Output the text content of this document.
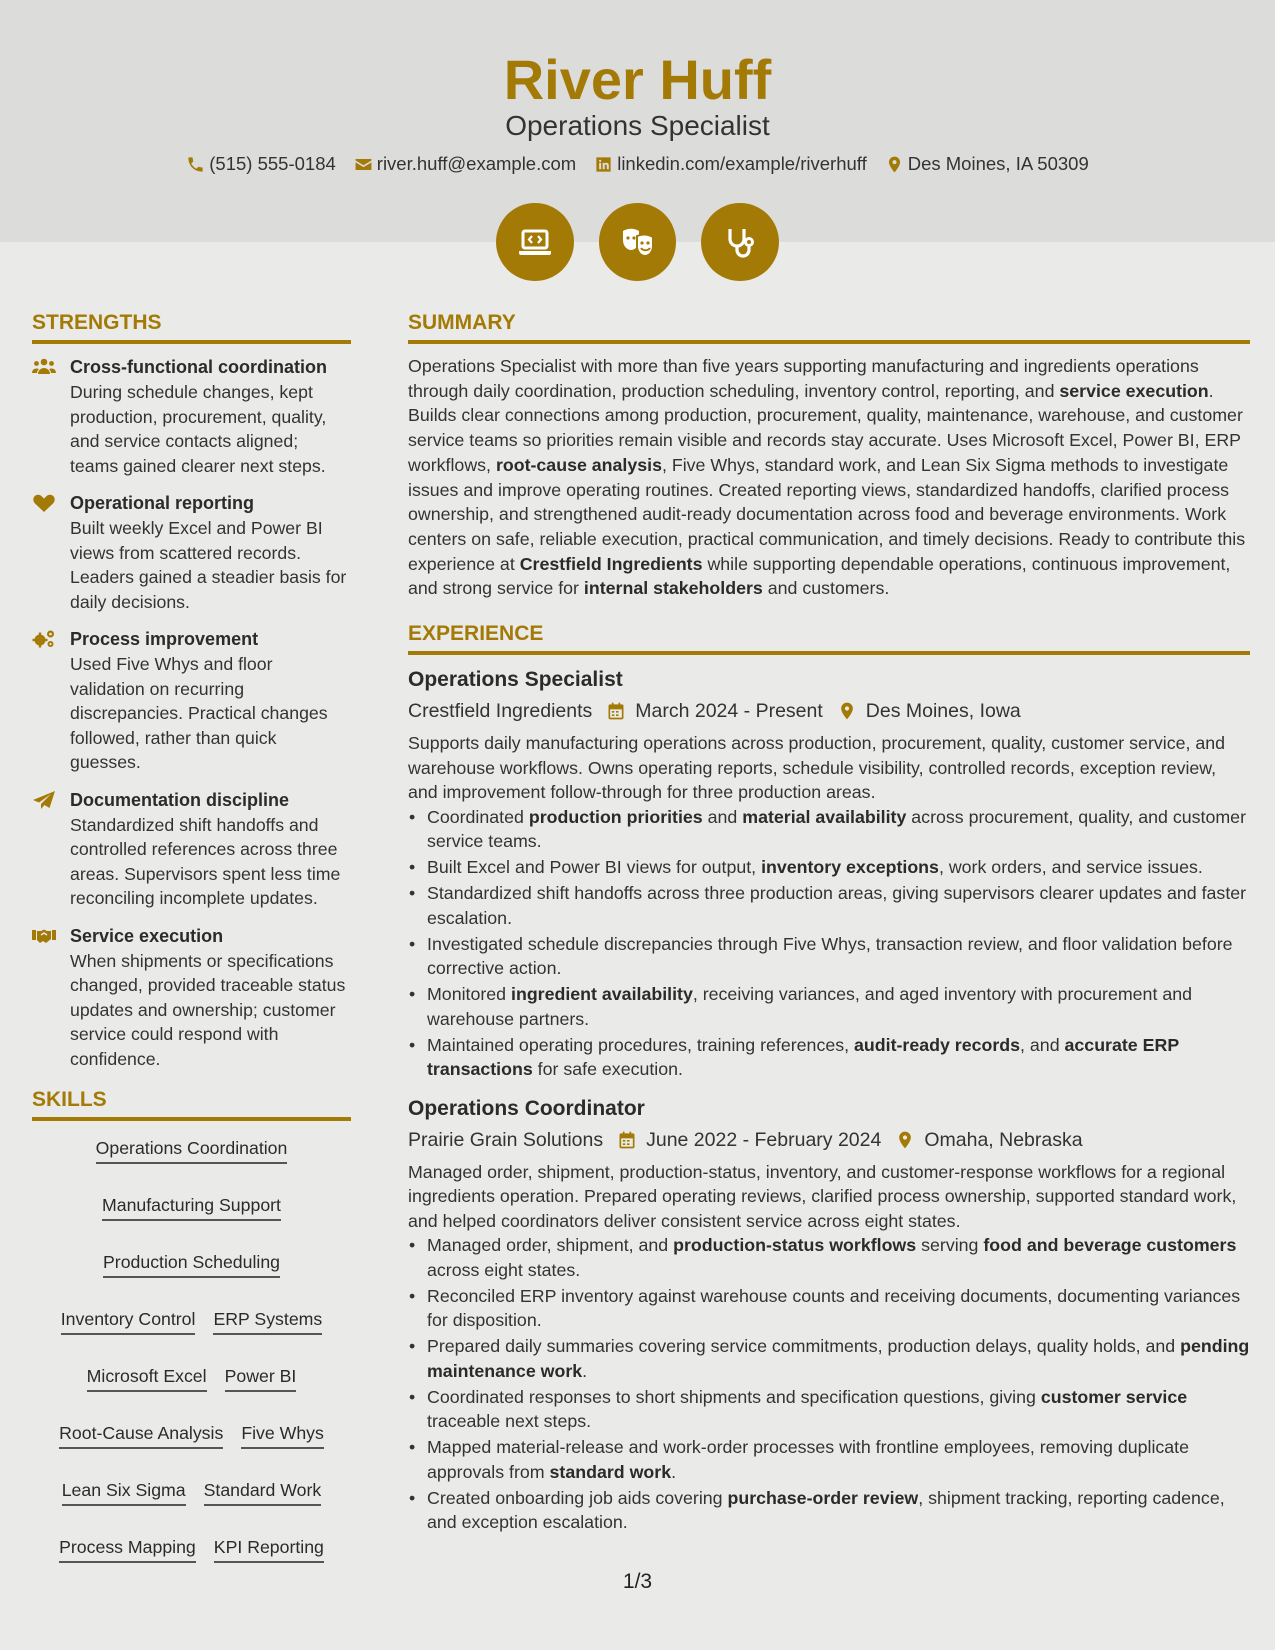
River Huff
Operations Specialist
(515) 555-0184 river.huff@example.com linkedin.com/example/riverhuff Des Moines, IA 50309
STRENGTHS
Cross-functional coordination
During schedule changes, kept production, procurement, quality, and service contacts aligned; teams gained clearer next steps.
Operational reporting
Built weekly Excel and Power BI views from scattered records. Leaders gained a steadier basis for daily decisions.
Process improvement
Used Five Whys and floor validation on recurring discrepancies. Practical changes followed, rather than quick guesses.
Documentation discipline
Standardized shift handoffs and controlled references across three areas. Supervisors spent less time reconciling incomplete updates.
Service execution
When shipments or specifications changed, provided traceable status updates and ownership; customer service could respond with confidence.
SKILLS
Operations Coordination
Manufacturing Support
Production Scheduling
Inventory Control ERP Systems
Microsoft Excel Power BI
Root-Cause Analysis Five Whys
Lean Six Sigma Standard Work
Process Mapping KPI Reporting
SUMMARY
Operations Specialist with more than five years supporting manufacturing and ingredients operations through daily coordination, production scheduling, inventory control, reporting, and service execution. Builds clear connections among production, procurement, quality, maintenance, warehouse, and customer service teams so priorities remain visible and records stay accurate. Uses Microsoft Excel, Power BI, ERP workflows, root-cause analysis, Five Whys, standard work, and Lean Six Sigma methods to investigate issues and improve operating routines. Created reporting views, standardized handoffs, clarified process ownership, and strengthened audit-ready documentation across food and beverage environments. Work centers on safe, reliable execution, practical communication, and timely decisions. Ready to contribute this experience at Crestfield Ingredients while supporting dependable operations, continuous improvement, and strong service for internal stakeholders and customers.
EXPERIENCE
Operations Specialist
Crestfield Ingredients March 2024 - Present Des Moines, Iowa
Supports daily manufacturing operations across production, procurement, quality, customer service, and warehouse workflows. Owns operating reports, schedule visibility, controlled records, exception review, and improvement follow-through for three production areas.
• Coordinated production priorities and material availability across procurement, quality, and customer service teams.
• Built Excel and Power BI views for output, inventory exceptions, work orders, and service issues.
• Standardized shift handoffs across three production areas, giving supervisors clearer updates and faster escalation.
• Investigated schedule discrepancies through Five Whys, transaction review, and floor validation before corrective action.
• Monitored ingredient availability, receiving variances, and aged inventory with procurement and warehouse partners.
• Maintained operating procedures, training references, audit-ready records, and accurate ERP transactions for safe execution.
Operations Coordinator
Prairie Grain Solutions June 2022 - February 2024 Omaha, Nebraska
Managed order, shipment, production-status, inventory, and customer-response workflows for a regional ingredients operation. Prepared operating reviews, clarified process ownership, supported standard work, and helped coordinators deliver consistent service across eight states.
• Managed order, shipment, and production-status workflows serving food and beverage customers across eight states.
• Reconciled ERP inventory against warehouse counts and receiving documents, documenting variances for disposition.
• Prepared daily summaries covering service commitments, production delays, quality holds, and pending maintenance work.
• Coordinated responses to short shipments and specification questions, giving customer service traceable next steps.
• Mapped material-release and work-order processes with frontline employees, removing duplicate approvals from standard work.
• Created onboarding job aids covering purchase-order review, shipment tracking, reporting cadence, and exception escalation.
1/3
